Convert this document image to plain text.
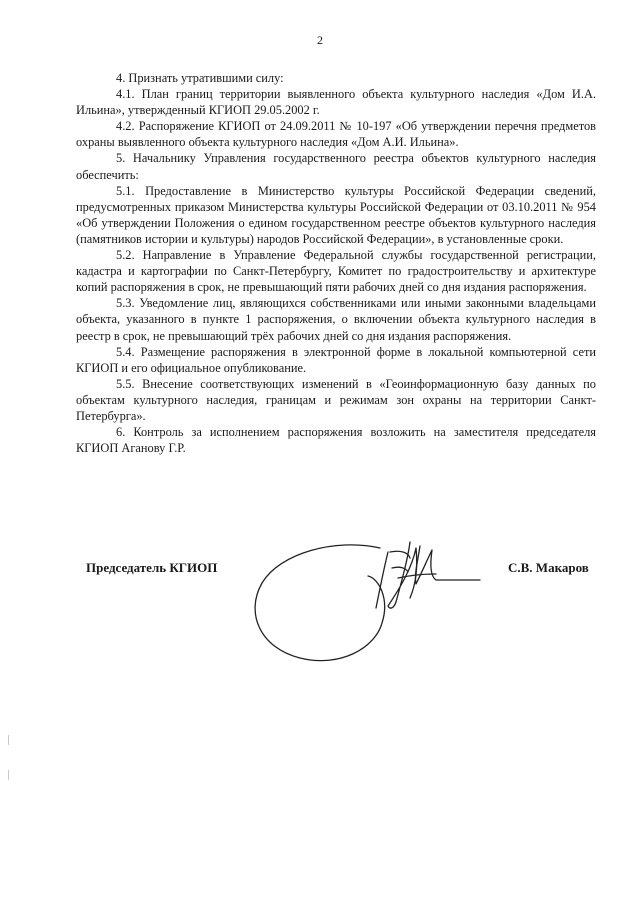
2

4. Признать утратившими силу:

4.1. План границ территории выявленного объекта культурного наследия «Дом И.А. Ильина», утвержденный КГИОП 29.05.2002 г.

4.2. Распоряжение КГИОП от 24.09.2011 № 10-197 «Об утверждении перечня предметов охраны выявленного объекта культурного наследия «Дом А.И. Ильина».

5. Начальнику Управления государственного реестра объектов культурного наследия обеспечить:

5.1. Предоставление в Министерство культуры Российской Федерации сведений, предусмотренных приказом Министерства культуры Российской Федерации от 03.10.2011 № 954 «Об утверждении Положения о едином государственном реестре объектов культурного наследия (памятников истории и культуры) народов Российской Федерации», в установленные сроки.

5.2. Направление в Управление Федеральной службы государственной регистрации, кадастра и картографии по Санкт-Петербургу, Комитет по градостроительству и архитектуре копий распоряжения в срок, не превышающий пяти рабочих дней со дня издания распоряжения.

5.3. Уведомление лиц, являющихся собственниками или иными законными владельцами объекта, указанного в пункте 1 распоряжения, о включении объекта культурного наследия в реестр в срок, не превышающий трёх рабочих дней со дня издания распоряжения.

5.4. Размещение распоряжения в электронной форме в локальной компьютерной сети КГИОП и его официальное опубликование.

5.5. Внесение соответствующих изменений в «Геоинформационную базу данных по объектам культурного наследия, границам и режимам зон охраны на территории Санкт-Петербурга».

6. Контроль за исполнением распоряжения возложить на заместителя председателя КГИОП Аганову Г.Р.

Председатель КГИОП	С.В. Макаров
